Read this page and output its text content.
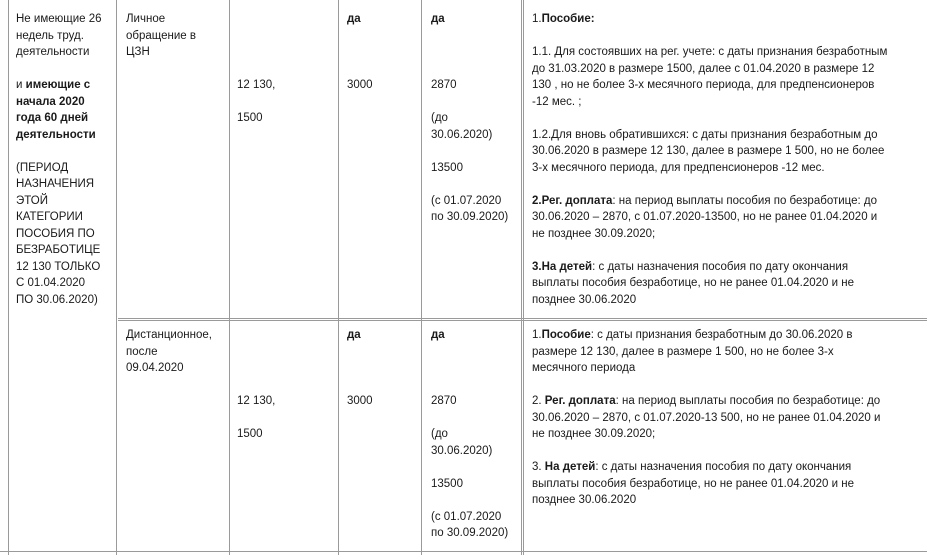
Не имеющие 26
недель труд.
деятельности
и имеющие с
начала 2020
года 60 дней
деятельности
(ПЕРИОД
НАЗНАЧЕНИЯ
ЭТОЙ
КАТЕГОРИИ
ПОСОБИЯ ПО
БЕЗРАБОТИЦЕ
12 130 ТОЛЬКО
С 01.04.2020
ПО 30.06.2020)
Личное
обращение в
ЦЗН
12 130,
1500
да
3000
да
2870
(до
30.06.2020)
13500
(с 01.07.2020
по 30.09.2020)
1.Пособие:
1.1. Для состоявших на рег. учете: с даты признания безработным
до 31.03.2020 в размере 1500, далее с 01.04.2020 в размере 12
130 , но не более 3-х месячного периода, для предпенсионеров
-12 мес. ;
1.2.Для вновь обратившихся: с даты признания безработным до
30.06.2020 в размере 12 130, далее в размере 1 500, но не более
3-х месячного периода, для предпенсионеров -12 мес.
2.Рег. доплата: на период выплаты пособия по безработице: до
30.06.2020 – 2870, с 01.07.2020-13500, но не ранее 01.04.2020 и
не позднее 30.09.2020;
3.На детей: с даты назначения пособия по дату окончания
выплаты пособия безработице, но не ранее 01.04.2020 и не
позднее 30.06.2020
Дистанционное,
после
09.04.2020
12 130,
1500
да
3000
да
2870
(до
30.06.2020)
13500
(с 01.07.2020
по 30.09.2020)
1.Пособие: с даты признания безработным до 30.06.2020 в
размере 12 130, далее в размере 1 500, но не более 3-х
месячного периода
2. Рег. доплата: на период выплаты пособия по безработице: до
30.06.2020 – 2870, с 01.07.2020-13 500, но не ранее 01.04.2020 и
не позднее 30.09.2020;
3. На детей: с даты назначения пособия по дату окончания
выплаты пособия безработице, но не ранее 01.04.2020 и не
позднее 30.06.2020
